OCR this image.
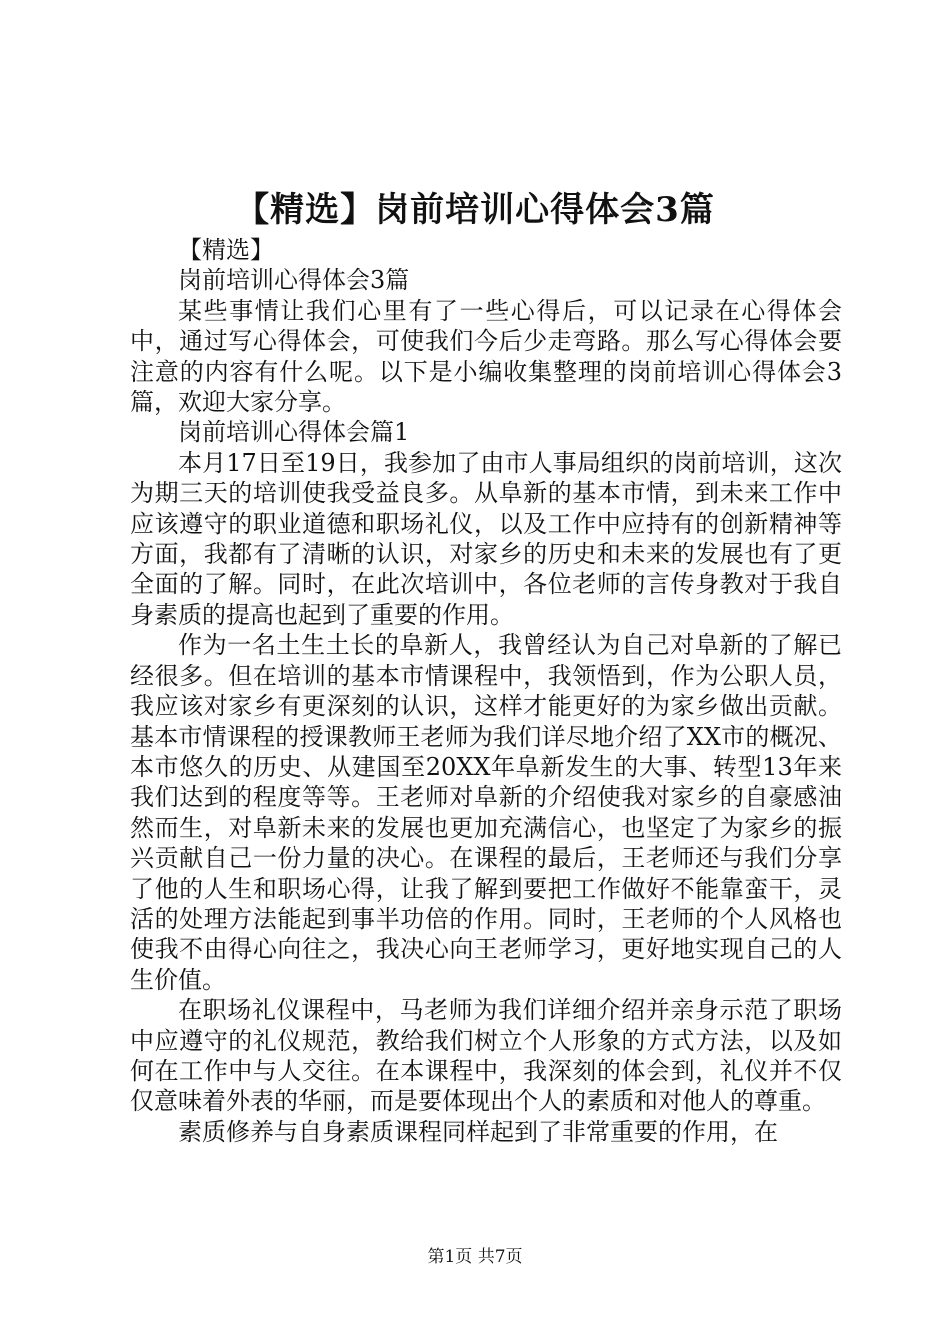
【精选】岗前培训心得体会3篇

【精选】

岗前培训心得体会3篇

某些事情让我们心里有了一些心得后，可以记录在心得体会中，通过写心得体会，可使我们今后少走弯路。那么写心得体会要注意的内容有什么呢。以下是小编收集整理的岗前培训心得体会3篇，欢迎大家分享。

岗前培训心得体会篇1

本月17日至19日，我参加了由市人事局组织的岗前培训，这次为期三天的培训使我受益良多。从阜新的基本市情，到未来工作中应该遵守的职业道德和职场礼仪，以及工作中应持有的创新精神等方面，我都有了清晰的认识，对家乡的历史和未来的发展也有了更全面的了解。同时，在此次培训中，各位老师的言传身教对于我自身素质的提高也起到了重要的作用。

作为一名土生土长的阜新人，我曾经认为自己对阜新的了解已经很多。但在培训的基本市情课程中，我领悟到，作为公职人员，我应该对家乡有更深刻的认识，这样才能更好的为家乡做出贡献。基本市情课程的授课教师王老师为我们详尽地介绍了XX市的概况、本市悠久的历史、从建国至20XX年阜新发生的大事、转型13年来我们达到的程度等等。王老师对阜新的介绍使我对家乡的自豪感油然而生，对阜新未来的发展也更加充满信心，也坚定了为家乡的振兴贡献自己一份力量的决心。在课程的最后，王老师还与我们分享了他的人生和职场心得，让我了解到要把工作做好不能靠蛮干，灵活的处理方法能起到事半功倍的作用。同时，王老师的个人风格也使我不由得心向往之，我决心向王老师学习，更好地实现自己的人生价值。

在职场礼仪课程中，马老师为我们详细介绍并亲身示范了职场中应遵守的礼仪规范，教给我们树立个人形象的方式方法，以及如何在工作中与人交往。在本课程中，我深刻的体会到，礼仪并不仅仅意味着外表的华丽，而是要体现出个人的素质和对他人的尊重。

素质修养与自身素质课程同样起到了非常重要的作用，在

第1页 共7页
